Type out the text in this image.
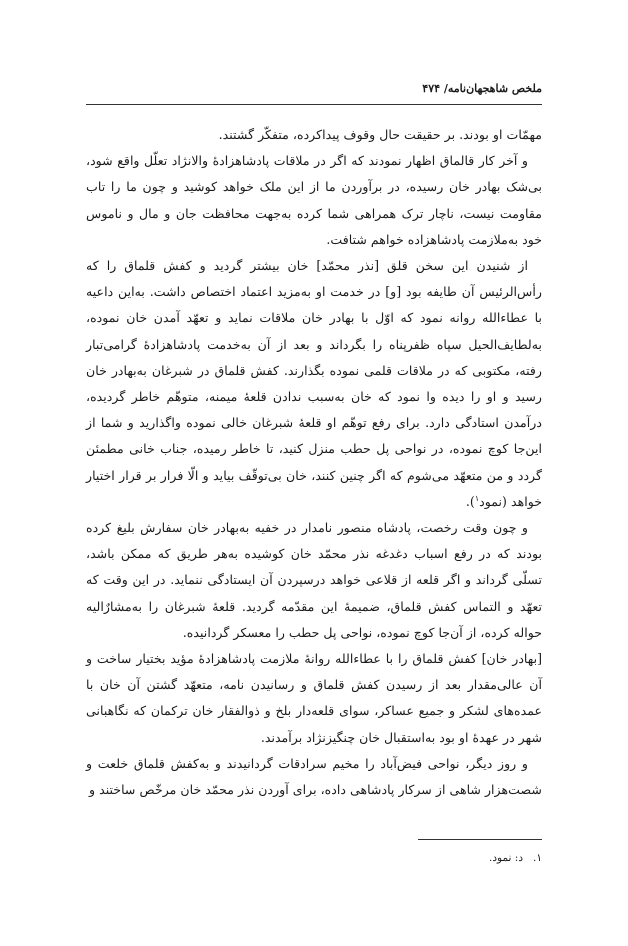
ملخص شاهجهان‌نامه/ ۴۷۴

مهمّات او بودند. بر حقیقت حال وقوف پیداکرده، متفکّر گشتند.

و آخر کار قالماق اظهار نمودند که اگر در ملاقات پادشاهزادهٔ والانژاد تعلّل واقع شود، بی‌شک بهادر خان رسیده، در برآوردن ما از این ملک خواهد کوشید و چون ما را تاب مقاومت نیست، ناچار ترک همراهی شما کرده به‌جهت محافظت جان و مال و ناموس خود به‌ملازمت پادشاهزاده خواهم شتافت.

از شنیدن این سخن قلق [نذر محمّد] خان بیشتر گردید و کفش قلماق را که رأس‌الرئیس آن طایفه بود [و] در خدمت او به‌مزید اعتماد اختصاص داشت. به‌این داعیه با عطاءالله روانه نمود که اوّل با بهادر خان ملاقات نماید و تعهّد آمدن خان نموده، به‌لطایف‌الحیل سپاه ظفرپناه را بگرداند و بعد از آن به‌خدمت پادشاهزادهٔ گرامی‌تبار رفته، مکتوبی که در ملاقات قلمی نموده بگذارند. کفش قلماق در شبرغان به‌بهادر خان رسید و او را دیده وا نمود که خان به‌سبب ندادن قلعهٔ میمنه، متوهّم خاطر گردیده، درآمدن استادگی دارد. برای رفع توهّم او قلعهٔ شبرغان خالی نموده واگذارید و شما از این‌جا کوچ نموده، در نواحی پل حطب منزل کنید، تا خاطر رمیده، جناب خانی مطمئن گردد و من متعهّد می‌شوم که اگر چنین کنند، خان بی‌توقّف بیاید و الّا فرار بر قرار اختیار خواهد (نمود$^۱$).

و چون وقت رخصت، پادشاه منصور نامدار در خفیه به‌بهادر خان سفارش بلیغ کرده بودند که در رفع اسباب دغدغه نذر محمّد خان کوشیده به‌هر طریق که ممکن باشد، تسلّی گرداند و اگر قلعه از قلاعی خواهد درسپردن آن ایستادگی ننماید. در این وقت که تعهّد و التماس کفش قلماق، ضمیمهٔ این مقدّمه گردید. قلعهٔ شبرغان را به‌مشارٌالیه حواله کرده، از آن‌جا کوچ نموده، نواحی پل حطب را معسکر گردانیده.

[بهادر خان] کفش قلماق را با عطاءالله روانهٔ ملازمت پادشاهزادهٔ مؤید بختیار ساخت و آن عالی‌مقدار بعد از رسیدن کفش قلماق و رسانیدن نامه، متعهّد گشتن آن خان با عمده‌های لشکر و جمیع عساکر، سوای قلعه‌دار بلخ و ذوالفقار خان ترکمان که نگاهبانی شهر در عهدهٔ او بود به‌استقبال خان چنگیزنژاد برآمدند.

و روز دیگر، نواحی فیض‌آباد را مخیم سرادقات گردانیدند و به‌کفش قلماق خلعت و شصت‌هزار شاهی از سرکار پادشاهی داده، برای آوردن نذر محمّد خان مرخّص ساختند و

۱.د: نمود.
